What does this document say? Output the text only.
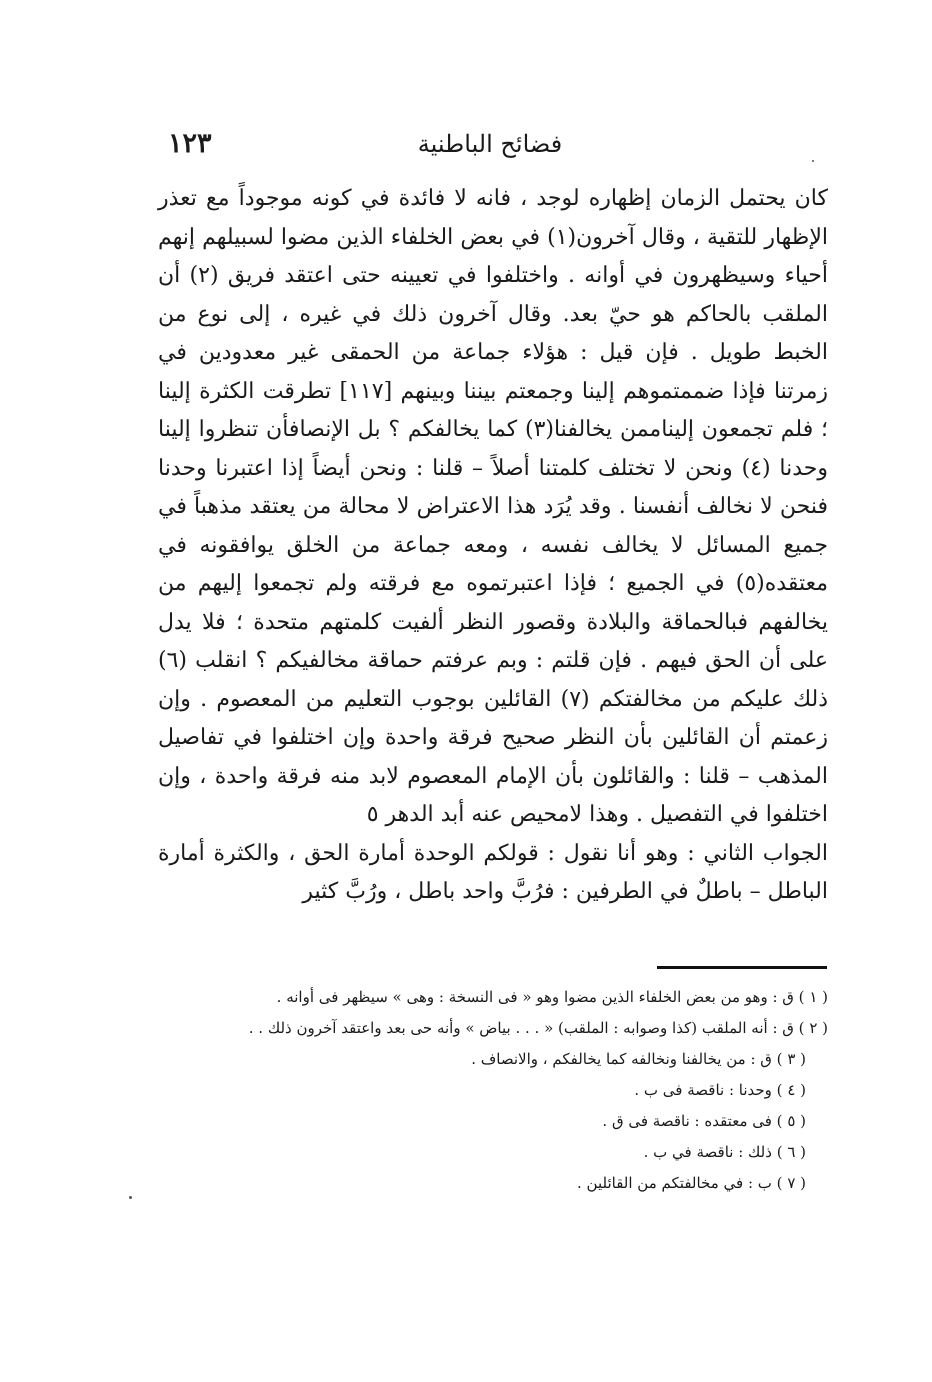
١٢٣	فضائح الباطنية

كان يحتمل الزمان إظهاره لوجد ، فانه لا فائدة في كونه موجوداً مع تعذر الإظهار للتقية ، وقال آخرون(١) في بعض الخلفاء الذين مضوا لسبيلهم إنهم أحياء وسيظهرون في أوانه . واختلفوا في تعيينه حتى اعتقد فريق (٢) أن الملقب بالحاكم هو حيّ بعد. وقال آخرون ذلك في غيره ، إلى نوع من الخبط طويل . فإن قيل : هؤلاء جماعة من الحمقى غير معدودين في زمرتنا فإذا ضممتموهم إلينا وجمعتم بيننا وبينهم [١١٧] تطرقت الكثرة إلينا ؛ فلم تجمعون إليناممن يخالفنا(٣) كما يخالفكم ؟ بل الإنصافأن تنظروا إلينا وحدنا (٤) ونحن لا تختلف كلمتنا أصلاً – قلنا : ونحن أيضاً إذا اعتبرنا وحدنا فنحن لا نخالف أنفسنا . وقد يُرَد هذا الاعتراض لا محالة من يعتقد مذهباً في جميع المسائل لا يخالف نفسه ، ومعه جماعة من الخلق يوافقونه في معتقده(٥) في الجميع ؛ فإذا اعتبرتموه مع فرقته ولم تجمعوا إليهم من يخالفهم فبالحماقة والبلادة وقصور النظر ألفيت كلمتهم متحدة ؛ فلا يدل على أن الحق فيهم . فإن قلتم : وبم عرفتم حماقة مخالفيكم ؟ انقلب (٦) ذلك عليكم من مخالفتكم (٧) القائلين بوجوب التعليم من المعصوم . وإن زعمتم أن القائلين بأن النظر صحيح فرقة واحدة وإن اختلفوا في تفاصيل المذهب – قلنا : والقائلون بأن الإمام المعصوم لابد منه فرقة واحدة ، وإن اختلفوا في التفصيل . وهذا لامحيص عنه أبد الدهر ٥

الجواب الثاني : وهو أنا نقول : قولكم الوحدة أمارة الحق ، والكثرة أمارة الباطل – باطلٌ في الطرفين : فرُبَّ واحد باطل ، ورُبَّ كثير

( ١ ) ق : وهو من بعض الخلفاء الذين مضوا وهو « فى النسخة : وهى » سيظهر فى أوانه .

( ٢ ) ق : أنه الملقب (كذا وصوابه : الملقب) « . . . بياض » وأنه حى بعد واعتقد آخرون ذلك . .

( ٣ ) ق : من يخالفنا ونخالفه كما يخالفكم ، والانصاف .

( ٤ ) وحدنا : ناقصة فى ب .

( ٥ ) فى معتقده : ناقصة فى ق .

( ٦ ) ذلك : ناقصة في ب .

( ٧ ) ب : في مخالفتكم من القائلين .
